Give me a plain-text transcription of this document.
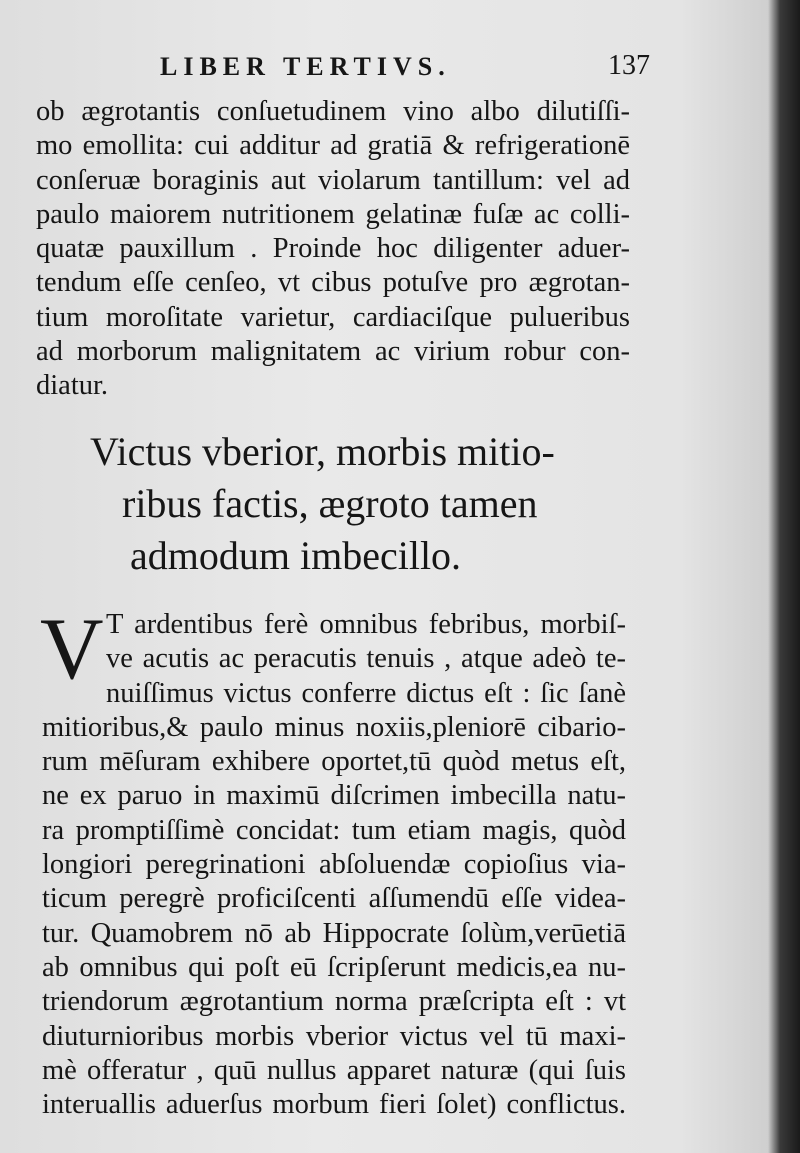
LIBER TERTIVS.	137
ob ægrotantis conſuetudinem vino albo dilutiſſi-
mo emollita: cui additur ad gratiā & refrigerationē
conſeruæ boraginis aut violarum tantillum: vel ad
paulo maiorem nutritionem gelatinæ fuſæ ac colli-
quatæ pauxillum . Proinde hoc diligenter aduer-
tendum eſſe cenſeo, vt cibus potuſve pro ægrotan-
tium moroſitate varietur, cardiaciſque pulueribus
ad morborum malignitatem ac virium robur con-
diatur.
Victus vberior, morbis mitio-
ribus factis, ægroto tamen
admodum imbecillo.
V T ardentibus ferè omnibus febribus, morbiſ-
ve acutis ac peracutis tenuis , atque adeò te-
nuiſſimus victus conferre dictus eſt : ſic ſanè
mitioribus,& paulo minus noxiis,pleniorē cibario-
rum mēſuram exhibere oportet,tū quòd metus eſt,
ne ex paruo in maximū diſcrimen imbecilla natu-
ra promptiſſimè concidat: tum etiam magis, quòd
longiori peregrinationi abſoluendæ copioſius via-
ticum peregrè proficiſcenti aſſumendū eſſe videa-
tur. Quamobrem nō ab Hippocrate ſolùm,verūetiā
ab omnibus qui poſt eū ſcripſerunt medicis,ea nu-
triendorum ægrotantium norma præſcripta eſt : vt
diuturnioribus morbis vberior victus vel tū maxi-
mè offeratur , quū nullus apparet naturæ (qui ſuis
interuallis aduerſus morbum fieri ſolet) conflictus.
